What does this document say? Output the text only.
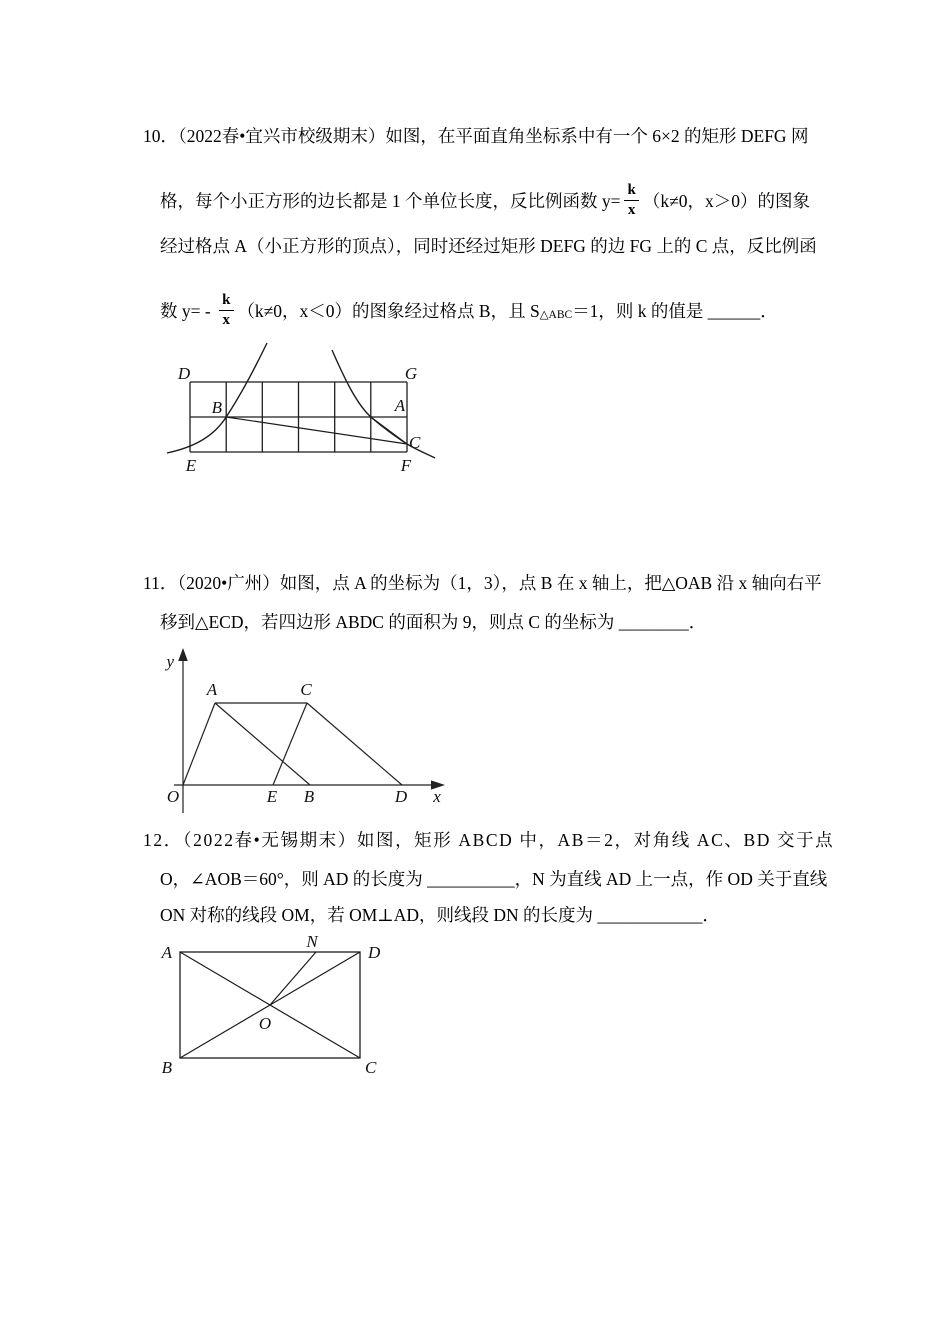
10．（2022春•宜兴市校级期末）如图，在平面直角坐标系中有一个 6×2 的矩形 DEFG 网
格，每个小正方形的边长都是 1 个单位长度，反比例函数 $y= \frac{k}{x} (k\ne 0$，x＞0）的图象
经过格点 A（小正方形的顶点），同时还经过矩形 DEFG 的边 FG 上的 C 点，反比例函
数 $y= - \frac{k}{x} (k\ne 0$，x＜0）的图象经过格点 B，且 S △ABC ＝1，则 k 的值是 ______．
D	G
E	F
B	A
C
11．（2020•广州）如图，点 A 的坐标为（1，3），点 B 在 x 轴上，把△OAB 沿 x 轴向右平
移到△ECD，若四边形 ABDC 的面积为 9，则点 C 的坐标为 ________．
y
x
O
A	C
E B	D
12．（2022春•无锡期末）如图，矩形 ABCD 中，AB＝2，对角线 AC、BD 交于点
O，∠AOB＝60°，则 AD 的长度为 __________，N 为直线 AD 上一点，作 OD 关于直线
ON 对称的线段 OM，若 OM⊥AD，则线段 DN 的长度为 ____________．
A	D
B	C
O
N
